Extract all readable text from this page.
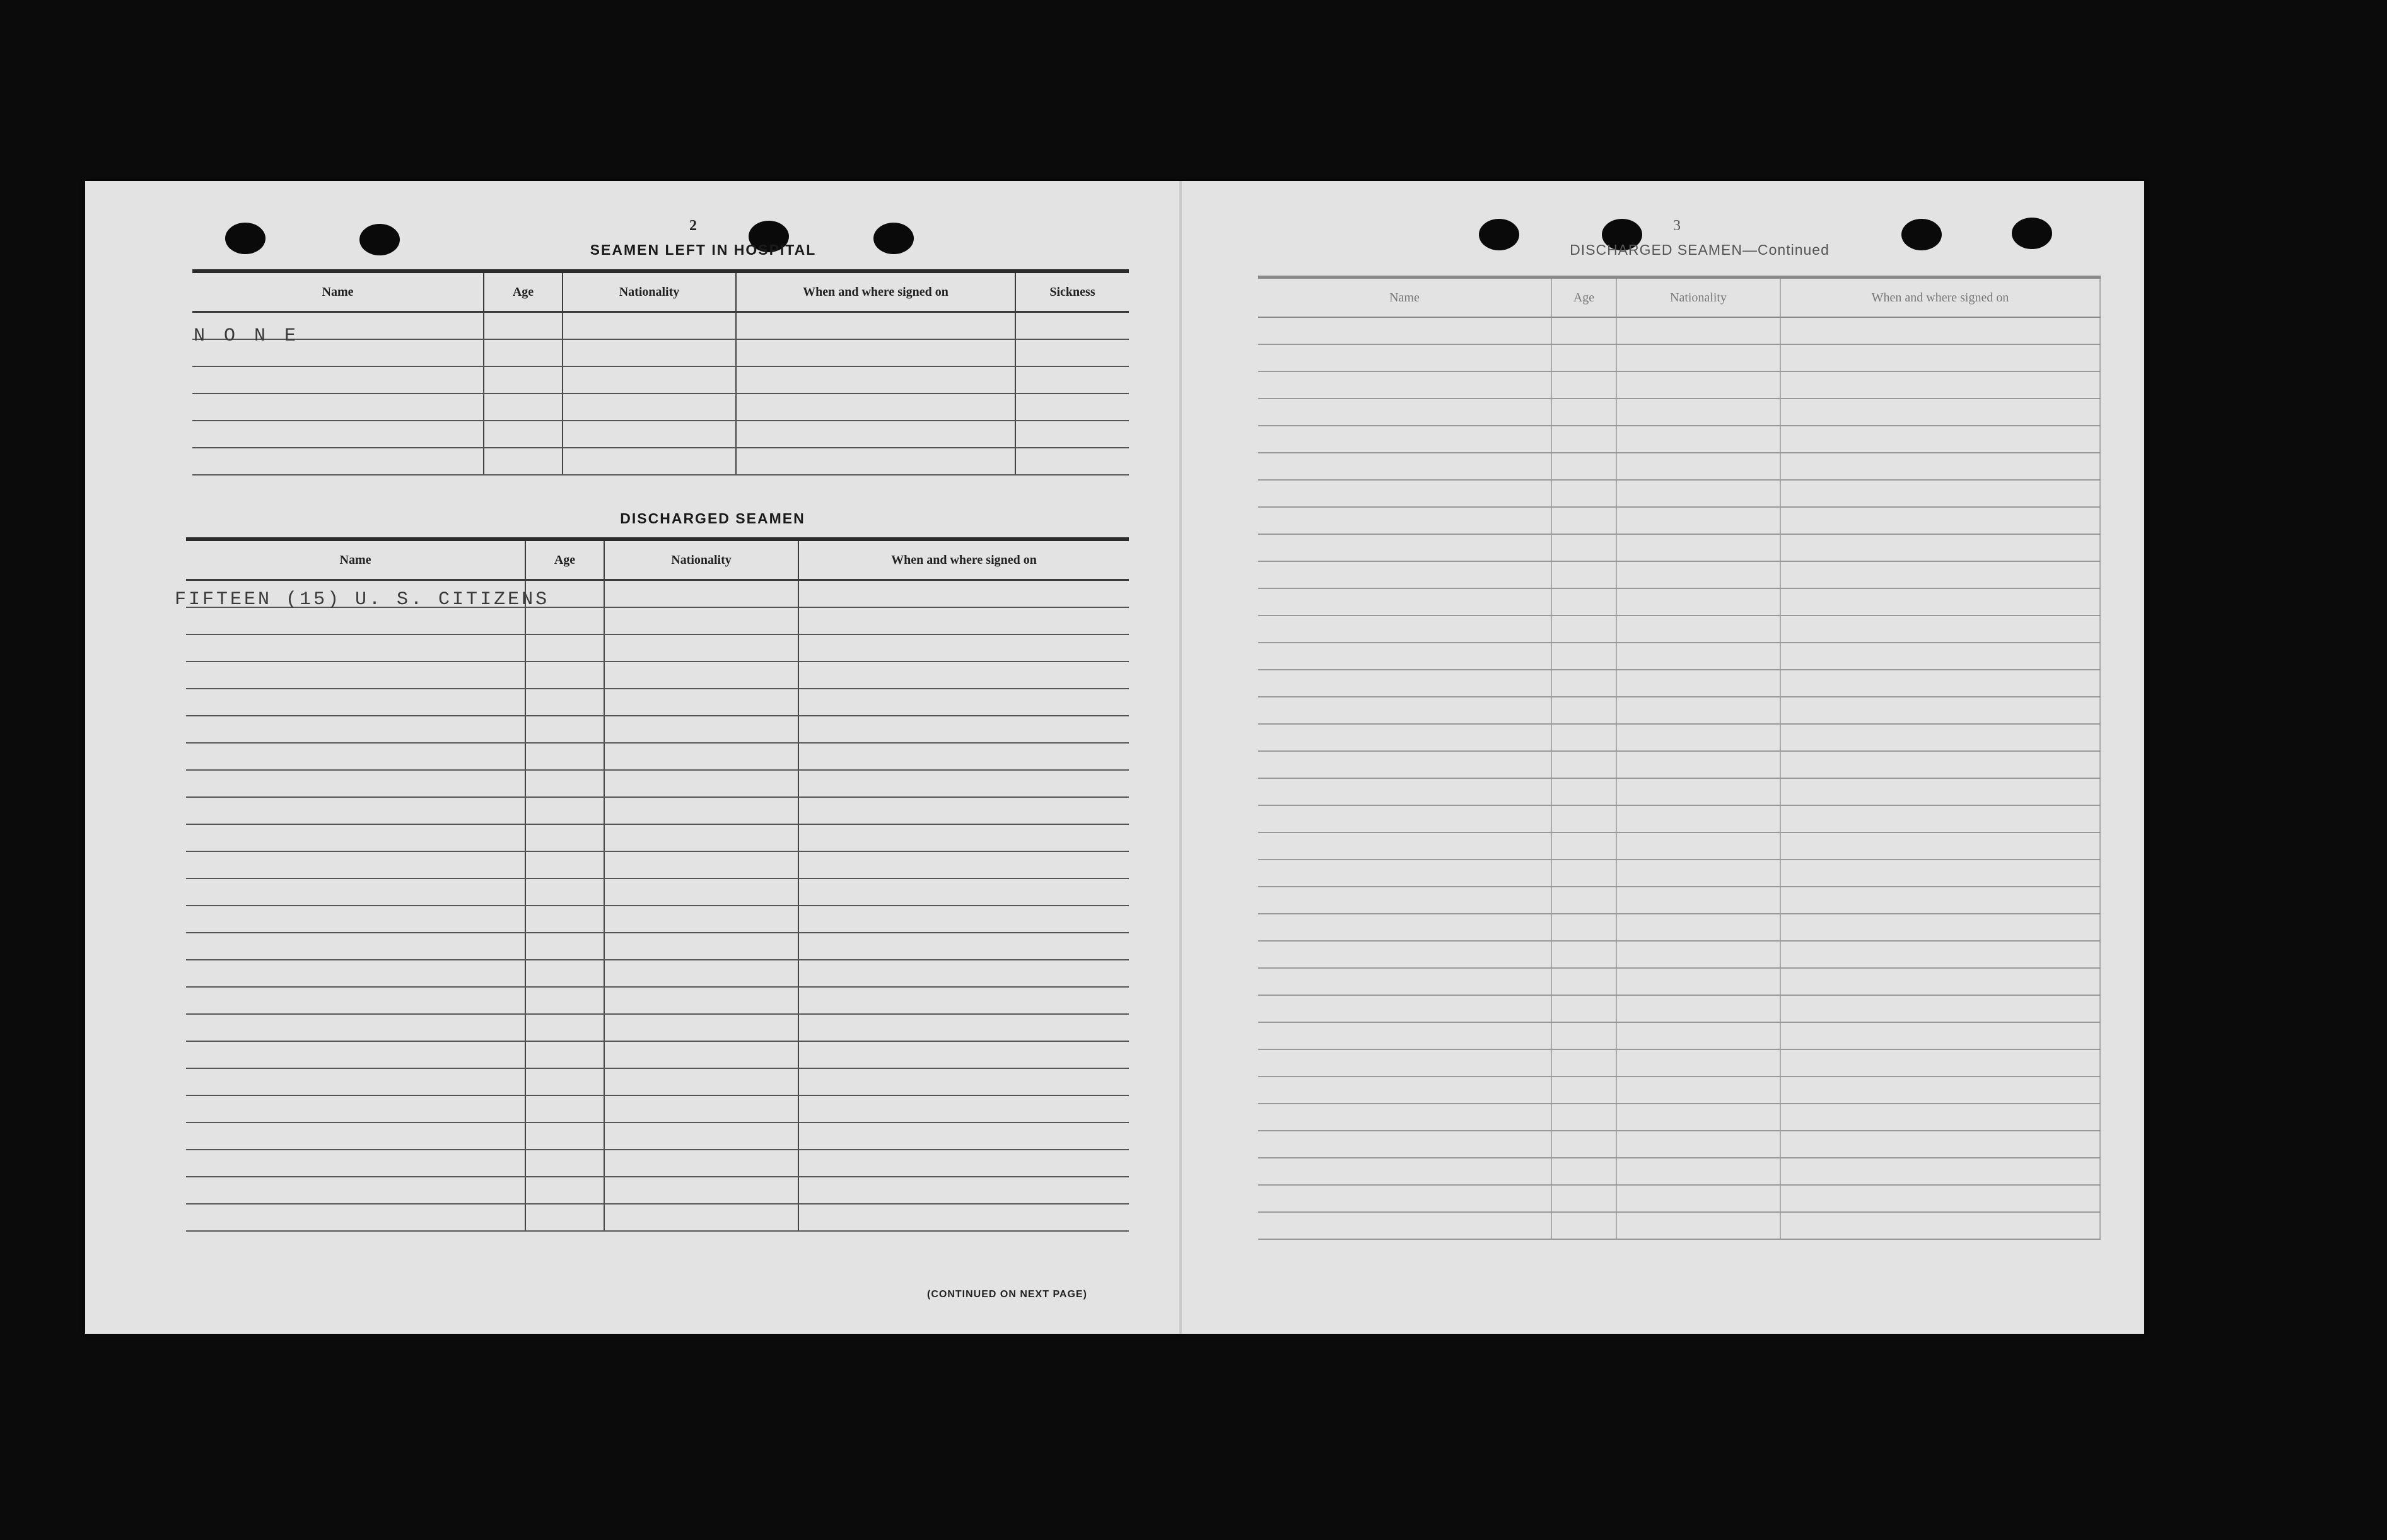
2
SEAMEN LEFT IN HOSPITAL
Name	Age	Nationality	When and where signed on	Sickness

N O N E
DISCHARGED SEAMEN
Name	Age	Nationality	When and where signed on

FIFTEEN (15) U. S. CITIZENS
(CONTINUED ON NEXT PAGE)
3
DISCHARGED SEAMEN—Continued
Name	Age	Nationality	When and where signed on
